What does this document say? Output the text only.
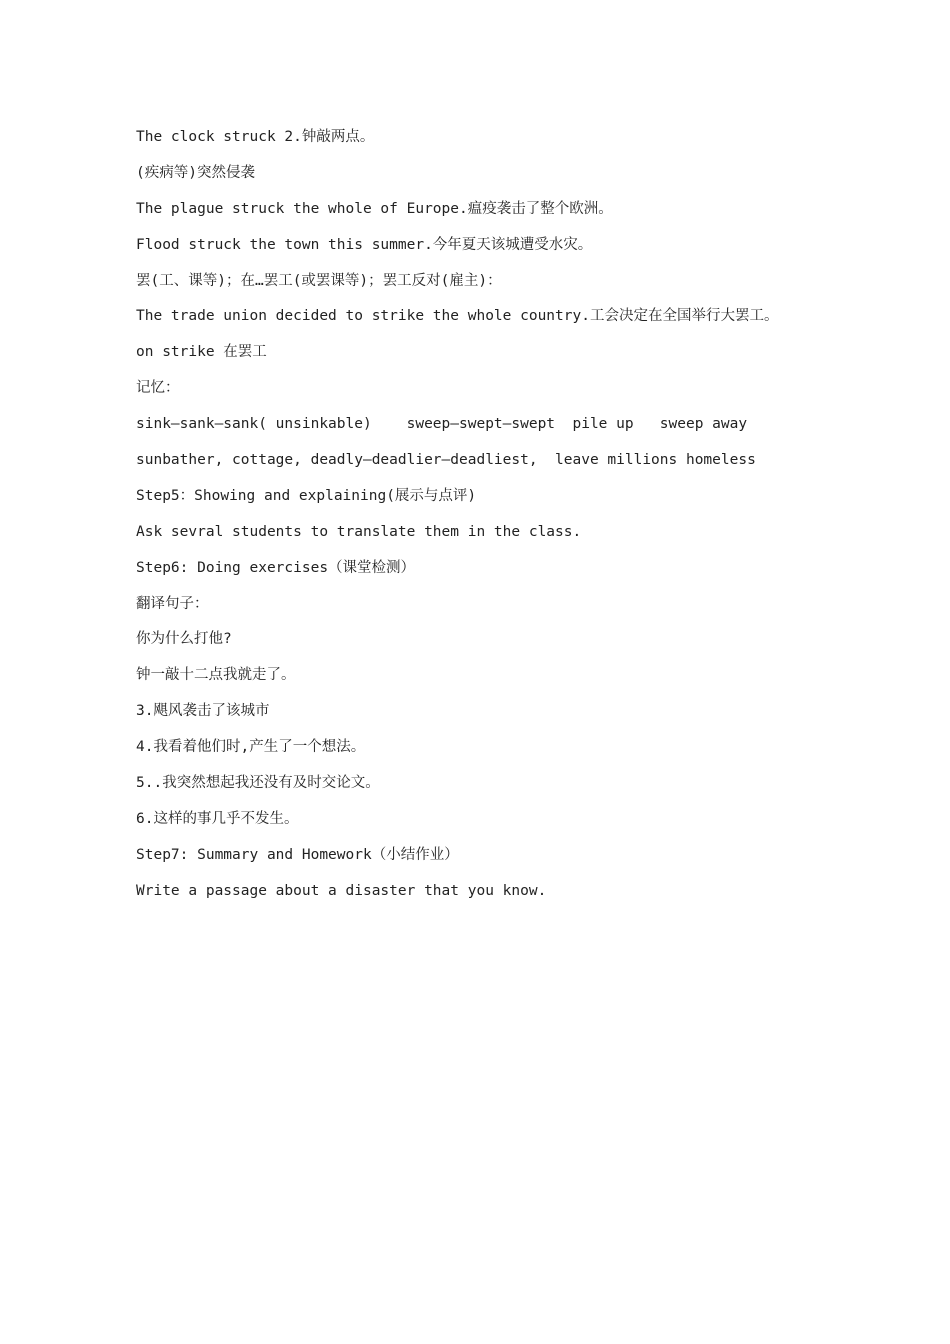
The clock struck 2.钟敲两点。
(疾病等)突然侵袭
The plague struck the whole of Europe.瘟疫袭击了整个欧洲。
Flood struck the town this summer.今年夏天该城遭受水灾。
罢(工、课等)；在…罢工(或罢课等)；罢工反对(雇主)：
The trade union decided to strike the whole country.工会决定在全国举行大罢工。
on strike 在罢工
记忆：
sink—sank—sank( unsinkable)    sweep—swept—swept  pile up   sweep away
sunbather, cottage, deadly—deadlier—deadliest,  leave millions homeless
Step5：Showing and explaining(展示与点评)
Ask sevral students to translate them in the class.
Step6: Doing exercises（课堂检测）
翻译句子：
你为什么打他?
钟一敲十二点我就走了。
3.飓风袭击了该城市
4.我看着他们时,产生了一个想法。
5..我突然想起我还没有及时交论文。
6.这样的事几乎不发生。
Step7: Summary and Homework（小结作业）
Write a passage about a disaster that you know.
